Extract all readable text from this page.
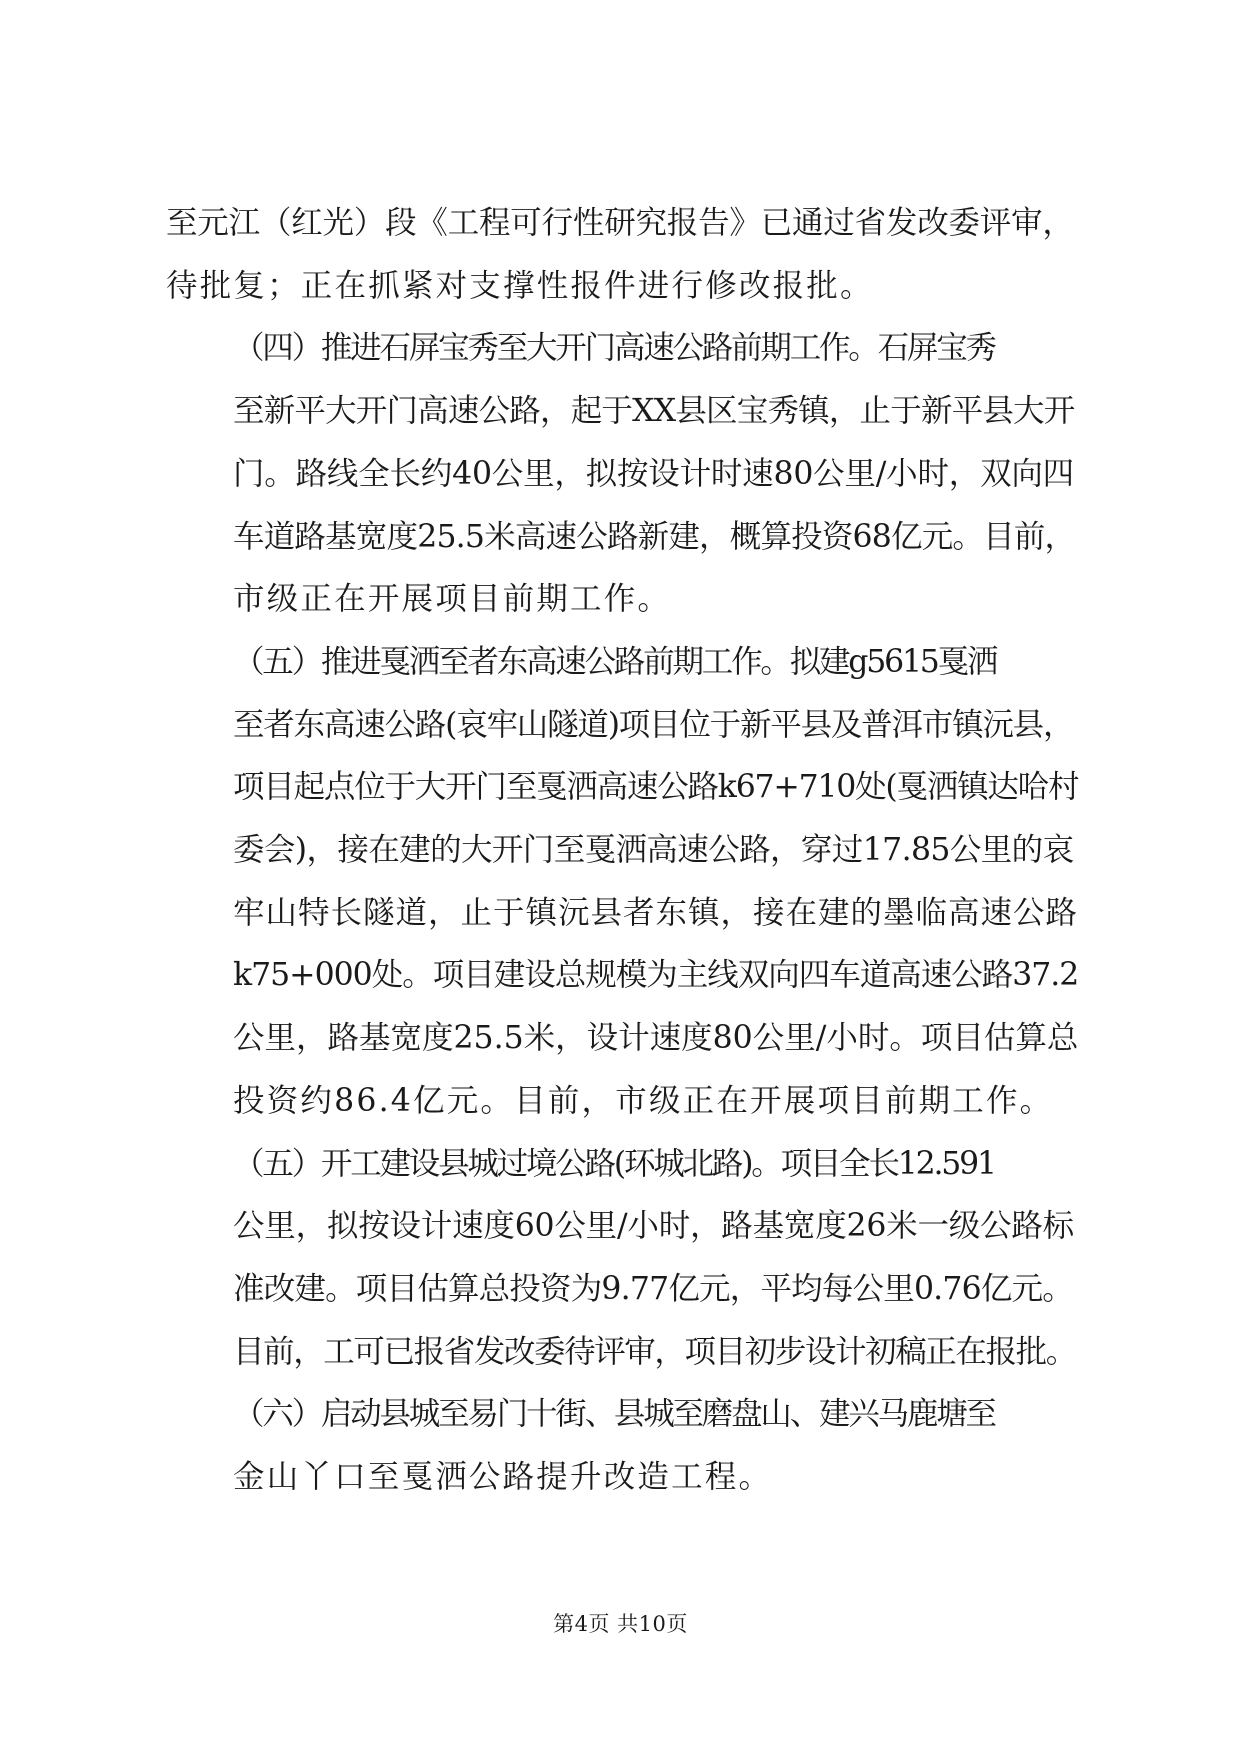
至元江（红光）段《工程可行性研究报告》已通过省发改委评审，
待批复；正在抓紧对支撑性报件进行修改报批。

（四）推进石屏宝秀至大开门高速公路前期工作。石屏宝秀
至新平大开门高速公路，起于XX县区宝秀镇，止于新平县大开
门。路线全长约40公里，拟按设计时速80公里/小时，双向四
车道路基宽度25.5米高速公路新建，概算投资68亿元。目前，
市级正在开展项目前期工作。

（五）推进戛洒至者东高速公路前期工作。拟建g5615戛洒
至者东高速公路(哀牢山隧道)项目位于新平县及普洱市镇沅县，
项目起点位于大开门至戛洒高速公路k67+710处(戛洒镇达哈村
委会)，接在建的大开门至戛洒高速公路，穿过17.85公里的哀
牢山特长隧道，止于镇沅县者东镇，接在建的墨临高速公路
k75+000处。项目建设总规模为主线双向四车道高速公路37.2
公里，路基宽度25.5米，设计速度80公里/小时。项目估算总
投资约86.4亿元。目前，市级正在开展项目前期工作。

（五）开工建设县城过境公路(环城北路)。项目全长12.591
公里，拟按设计速度60公里/小时，路基宽度26米一级公路标
准改建。项目估算总投资为9.77亿元，平均每公里0.76亿元。
目前，工可已报省发改委待评审，项目初步设计初稿正在报批。

（六）启动县城至易门十街、县城至磨盘山、建兴马鹿塘至
金山丫口至戛洒公路提升改造工程。

第4页 共10页
